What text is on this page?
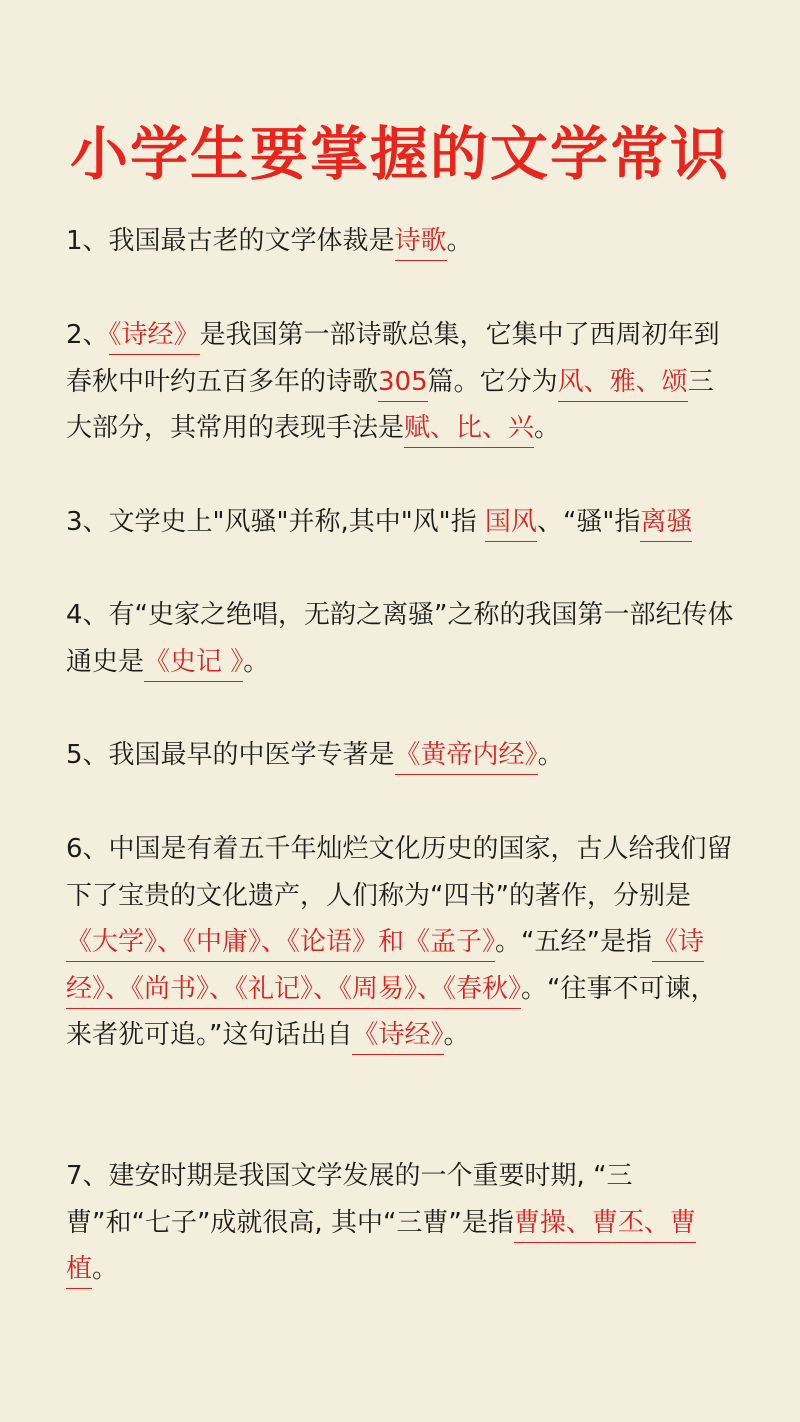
小学生要掌握的文学常识

1、我国最古老的文学体裁是诗歌。

2、《诗经》是我国第一部诗歌总集，它集中了西周初年到春秋中叶约五百多年的诗歌305篇。它分为风、雅、颂三大部分，其常用的表现手法是赋、比、兴。

3、文学史上"风骚"并称,其中"风"指 国风、“骚"指离骚

4、有“史家之绝唱，无韵之离骚”之称的我国第一部纪传体通史是《史记 》。

5、我国最早的中医学专著是《黄帝内经》。

6、中国是有着五千年灿烂文化历史的国家，古人给我们留下了宝贵的文化遗产，人们称为“四书”的著作，分别是《大学》、《中庸》、《论语》和《孟子》。“五经”是指《诗经》、《尚书》、《礼记》、《周易》、《春秋》。“往事不可谏，来者犹可追。”这句话出自《诗经》。

7、建安时期是我国文学发展的一个重要时期, “三曹”和“七子”成就很高, 其中“三曹”是指曹操、曹丕、曹植。
